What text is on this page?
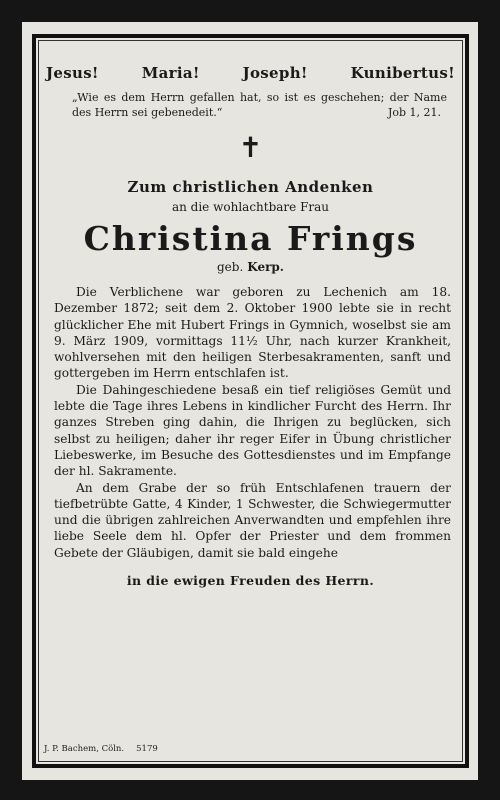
Jesus!	Maria!	Joseph!	Kunibertus!
„Wie es dem Herrn gefallen hat, so ist es geschehen; der Name des Herrn sei gebenedeit.“	Job 1, 21.
✝
Zum christlichen Andenken
an die wohlachtbare Frau
Christina Frings
geb. Kerp.

Die Verblichene war geboren zu Lechenich am 18. Dezember 1872; seit dem 2. Oktober 1900 lebte sie in recht glücklicher Ehe mit Hubert Frings in Gymnich, woselbst sie am 9. März 1909, vormittags 11½ Uhr, nach kurzer Krankheit, wohlversehen mit den heiligen Sterbesakramenten, sanft und gottergeben im Herrn entschlafen ist.

Die Dahingeschiedene besaß ein tief religiöses Gemüt und lebte die Tage ihres Lebens in kindlicher Furcht des Herrn. Ihr ganzes Streben ging dahin, die Ihrigen zu beglücken, sich selbst zu heiligen; daher ihr reger Eifer in Übung christlicher Liebeswerke, im Besuche des Gottesdienstes und im Empfange der hl. Sakramente.

An dem Grabe der so früh Entschlafenen trauern der tiefbetrübte Gatte, 4 Kinder, 1 Schwester, die Schwiegermutter und die übrigen zahlreichen Anverwandten und empfehlen ihre liebe Seele dem hl. Opfer der Priester und dem frommen Gebete der Gläubigen, damit sie bald eingehe

in die ewigen Freuden des Herrn.
J. P. Bachem, Cöln. 5179
